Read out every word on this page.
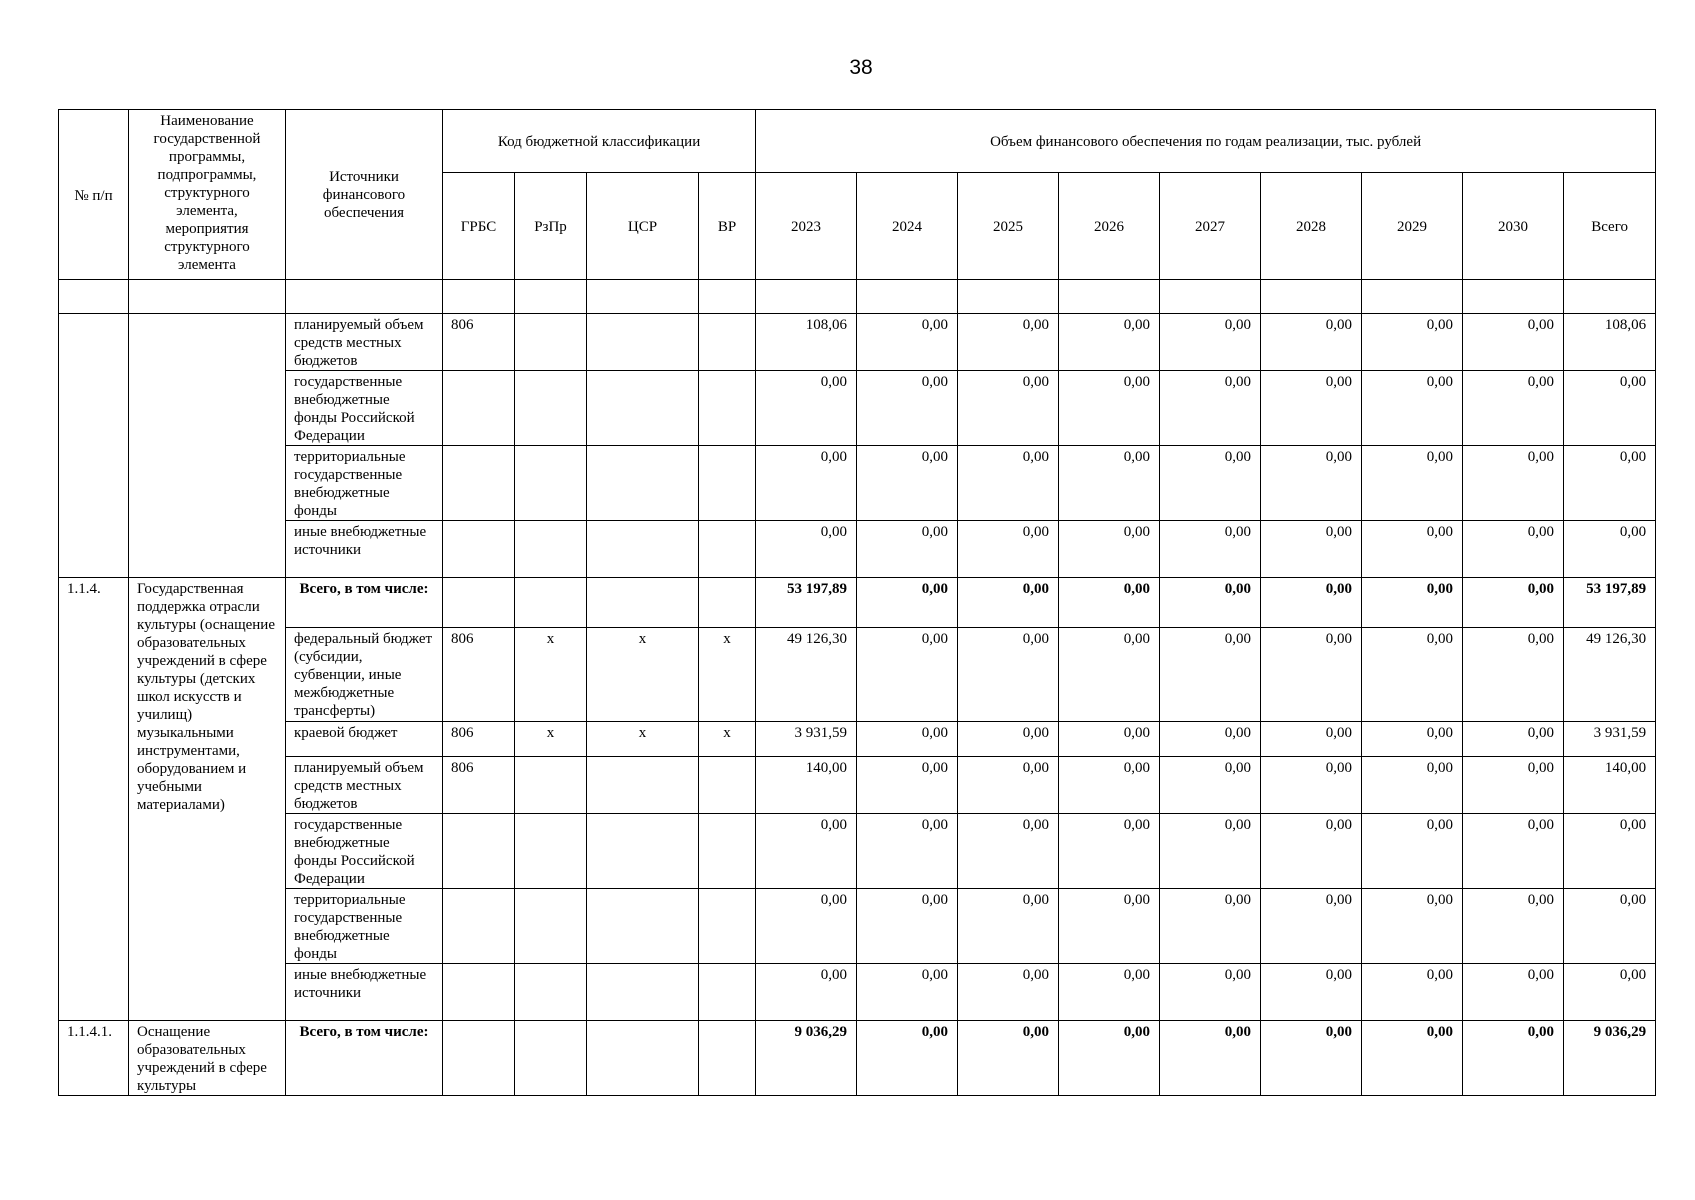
38
№ п/п	Наименование государственной программы, подпрограммы, структурного элемента, мероприятия структурного элемента	Источники финансового обеспечения	Код бюджетной классификации				Объем финансового обеспечения по годам реализации, тыс. рублей								
			ГРБС	РзПр	ЦСР	ВР	2023	2024	2025	2026	2027	2028	2029	2030	Всего

		планируемый объем средств местных бюджетов	806				108,06	0,00	0,00	0,00	0,00	0,00	0,00	0,00	108,06
		государственные внебюджетные фонды Российской Федерации					0,00	0,00	0,00	0,00	0,00	0,00	0,00	0,00	0,00
		территориальные государственные внебюджетные фонды					0,00	0,00	0,00	0,00	0,00	0,00	0,00	0,00	0,00
		иные внебюджетные источники					0,00	0,00	0,00	0,00	0,00	0,00	0,00	0,00	0,00
1.1.4.	Государственная поддержка отрасли культуры (оснащение образовательных учреждений в сфере культуры (детских школ искусств и училищ) музыкальными инструментами, оборудованием и учебными материалами)	Всего, в том числе:					53 197,89	0,00	0,00	0,00	0,00	0,00	0,00	0,00	53 197,89
		федеральный бюджет (субсидии, субвенции, иные межбюджетные трансферты)	806	х	х	х	49 126,30	0,00	0,00	0,00	0,00	0,00	0,00	0,00	49 126,30
		краевой бюджет	806	х	х	х	3 931,59	0,00	0,00	0,00	0,00	0,00	0,00	0,00	3 931,59
		планируемый объем средств местных бюджетов	806				140,00	0,00	0,00	0,00	0,00	0,00	0,00	0,00	140,00
		государственные внебюджетные фонды Российской Федерации					0,00	0,00	0,00	0,00	0,00	0,00	0,00	0,00	0,00
		территориальные государственные внебюджетные фонды					0,00	0,00	0,00	0,00	0,00	0,00	0,00	0,00	0,00
		иные внебюджетные источники					0,00	0,00	0,00	0,00	0,00	0,00	0,00	0,00	0,00
1.1.4.1.	Оснащение образовательных учреждений в сфере культуры	Всего, в том числе:					9 036,29	0,00	0,00	0,00	0,00	0,00	0,00	0,00	9 036,29
